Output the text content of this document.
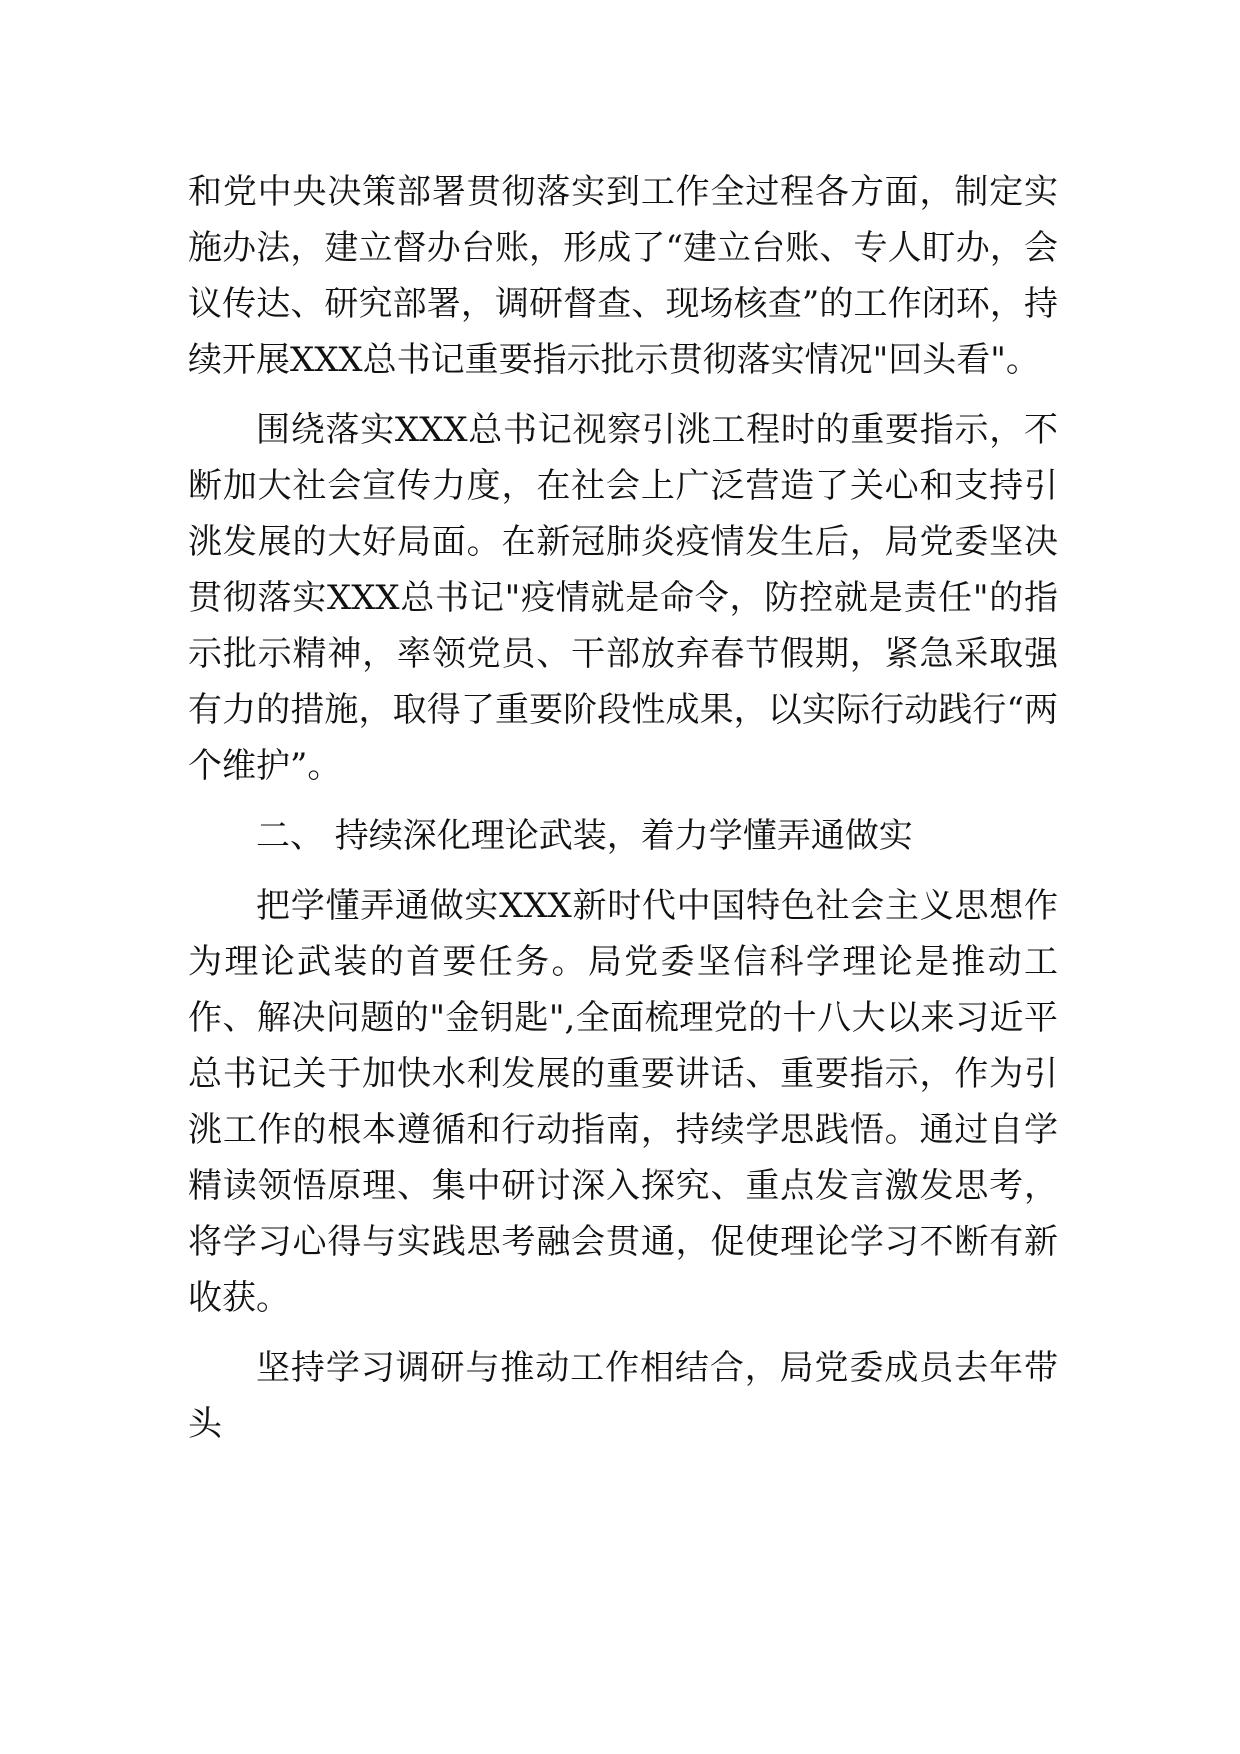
和党中央决策部署贯彻落实到工作全过程各方面，制定实施办法，建立督办台账，形成了“建立台账、专人盯办，会议传达、研究部署，调研督查、现场核查”的工作闭环，持续开展XXX总书记重要指示批示贯彻落实情况"回头看"。

围绕落实XXX总书记视察引洮工程时的重要指示，不断加大社会宣传力度，在社会上广泛营造了关心和支持引洮发展的大好局面。在新冠肺炎疫情发生后，局党委坚决贯彻落实XXX总书记"疫情就是命令，防控就是责任"的指示批示精神，率领党员、干部放弃春节假期，紧急采取强有力的措施，取得了重要阶段性成果，以实际行动践行“两个维护”。

二、 持续深化理论武装，着力学懂弄通做实

把学懂弄通做实XXX新时代中国特色社会主义思想作为理论武装的首要任务。局党委坚信科学理论是推动工作、解决问题的"金钥匙",全面梳理党的十八大以来习近平总书记关于加快水利发展的重要讲话、重要指示，作为引洮工作的根本遵循和行动指南，持续学思践悟。通过自学精读领悟原理、集中研讨深入探究、重点发言激发思考，将学习心得与实践思考融会贯通，促使理论学习不断有新收获。

坚持学习调研与推动工作相结合，局党委成员去年带头
